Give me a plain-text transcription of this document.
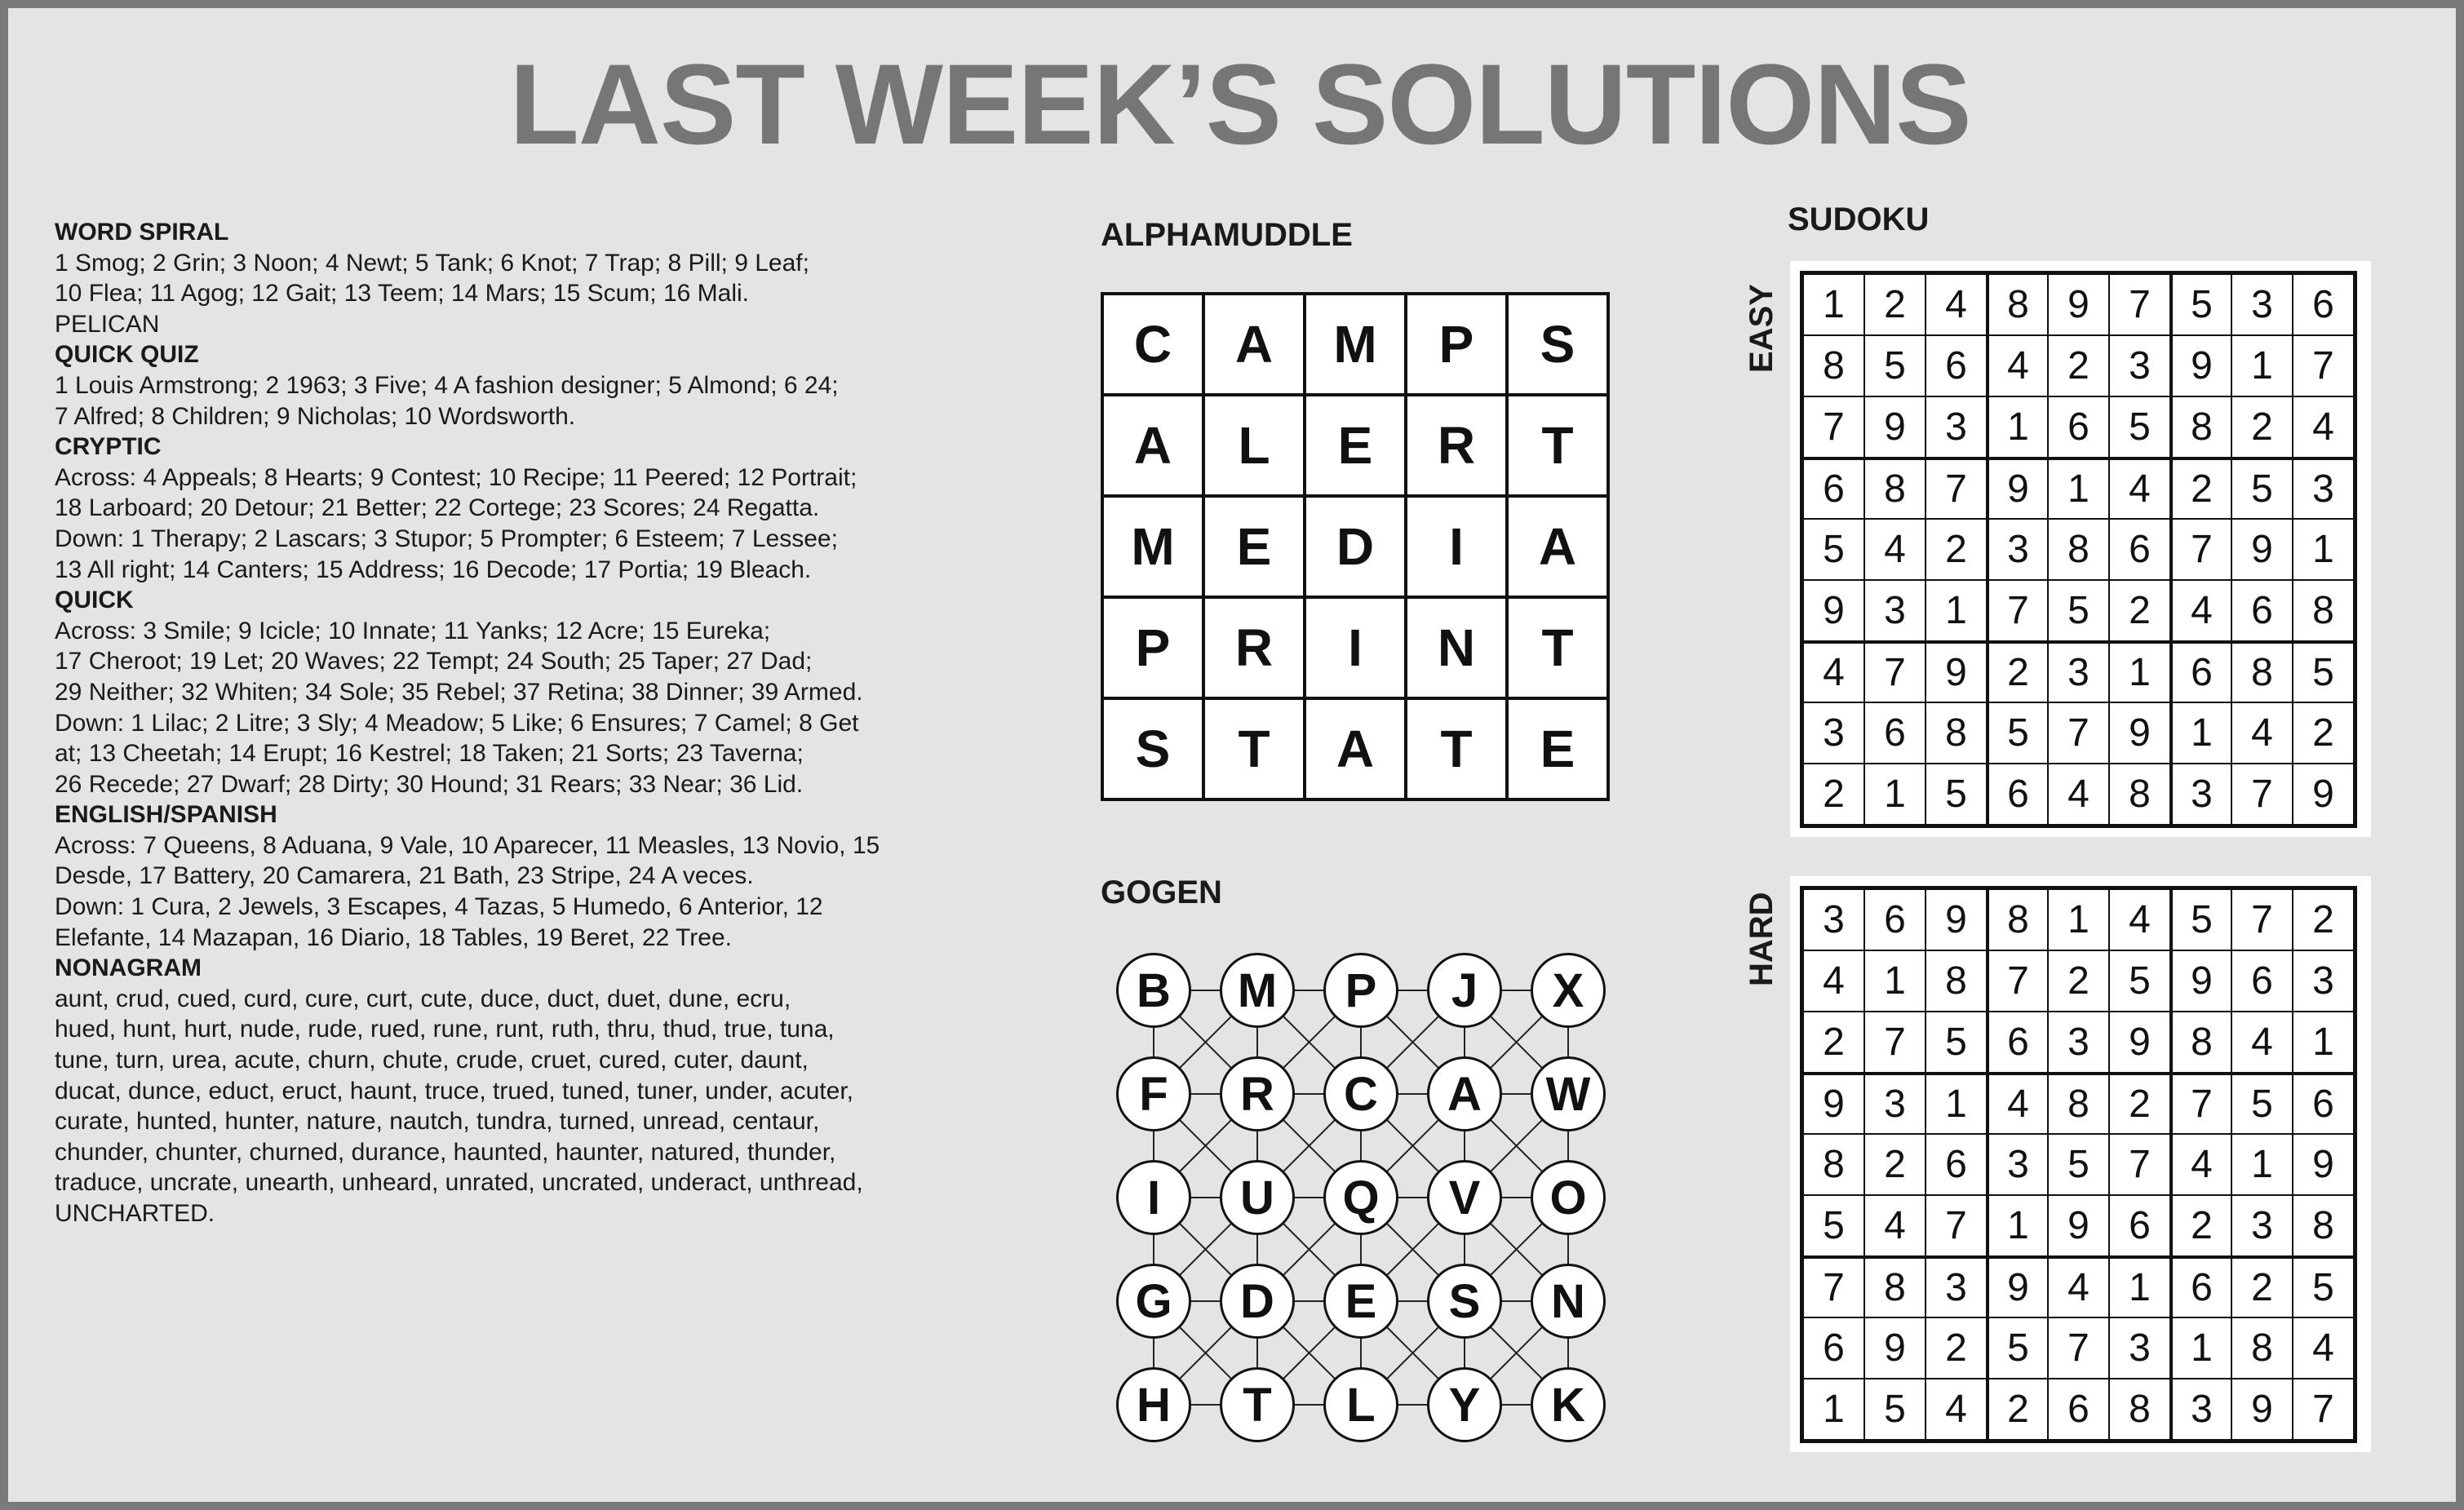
LAST WEEK’S SOLUTIONS
WORD SPIRAL
1 Smog; 2 Grin; 3 Noon; 4 Newt; 5 Tank; 6 Knot; 7 Trap; 8 Pill; 9 Leaf;
10 Flea; 11 Agog; 12 Gait; 13 Teem; 14 Mars; 15 Scum; 16 Mali.
PELICAN
QUICK QUIZ
1 Louis Armstrong; 2 1963; 3 Five; 4 A fashion designer; 5 Almond; 6 24;
7 Alfred; 8 Children; 9 Nicholas; 10 Wordsworth.
CRYPTIC
Across: 4 Appeals; 8 Hearts; 9 Contest; 10 Recipe; 11 Peered; 12 Portrait;
18 Larboard; 20 Detour; 21 Better; 22 Cortege; 23 Scores; 24 Regatta.
Down: 1 Therapy; 2 Lascars; 3 Stupor; 5 Prompter; 6 Esteem; 7 Lessee;
13 All right; 14 Canters; 15 Address; 16 Decode; 17 Portia; 19 Bleach.
QUICK
Across: 3 Smile; 9 Icicle; 10 Innate; 11 Yanks; 12 Acre; 15 Eureka;
17 Cheroot; 19 Let; 20 Waves; 22 Tempt; 24 South; 25 Taper; 27 Dad;
29 Neither; 32 Whiten; 34 Sole; 35 Rebel; 37 Retina; 38 Dinner; 39 Armed.
Down: 1 Lilac; 2 Litre; 3 Sly; 4 Meadow; 5 Like; 6 Ensures; 7 Camel; 8 Get
at; 13 Cheetah; 14 Erupt; 16 Kestrel; 18 Taken; 21 Sorts; 23 Taverna;
26 Recede; 27 Dwarf; 28 Dirty; 30 Hound; 31 Rears; 33 Near; 36 Lid.
ENGLISH/SPANISH
Across: 7 Queens, 8 Aduana, 9 Vale, 10 Aparecer, 11 Measles, 13 Novio, 15
Desde, 17 Battery, 20 Camarera, 21 Bath, 23 Stripe, 24 A veces.
Down: 1 Cura, 2 Jewels, 3 Escapes, 4 Tazas, 5 Humedo, 6 Anterior, 12
Elefante, 14 Mazapan, 16 Diario, 18 Tables, 19 Beret, 22 Tree.
NONAGRAM
aunt, crud, cued, curd, cure, curt, cute, duce, duct, duet, dune, ecru,
hued, hunt, hurt, nude, rude, rued, rune, runt, ruth, thru, thud, true, tuna,
tune, turn, urea, acute, churn, chute, crude, cruet, cured, cuter, daunt,
ducat, dunce, educt, eruct, haunt, truce, trued, tuned, tuner, under, acuter,
curate, hunted, hunter, nature, nautch, tundra, turned, unread, centaur,
chunder, chunter, churned, durance, haunted, haunter, natured, thunder,
traduce, uncrate, unearth, unheard, unrated, uncrated, underact, unthread,
UNCHARTED.
ALPHAMUDDLE
C	A	M	P	S
A	L	E	R	T
M	E	D	I	A
P	R	I	N	T
S	T	A	T	E
GOGEN
B	M	P	J	X
F	R	C	A	W
I	U	Q	V	O
G	D	E	S	N
H	T	L	Y	K
SUDOKU
EASY	1	2	4	8 9	7	5 3	6
8	5	6	4 2	3	9 1	7
7	9	3	1 6	5	8 2	4
6	8	7	9 1	4	2 5	3
5	4	2	3 8	6	7 9	1
9	3	1	7 5	2	4 6	8
4	7	9	2 3	1	6 8	5
3	6	8	5 7	9	1 4	2
2	1	5	6 4	8	3 7	9
HARD	3	6	9	8 1	4	5 7	2
4	1	8	7 2	5	9 6	3
2	7	5	6 3	9	8 4	1
9	3	1	4 8	2	7 5	6
8	2	6	3 5	7	4 1	9
5	4	7	1 9	6	2 3	8
7	8	3	9 4	1	6 2	5
6	9	2	5 7	3	1 8	4
1	5	4	2 6	8	3 9	7
